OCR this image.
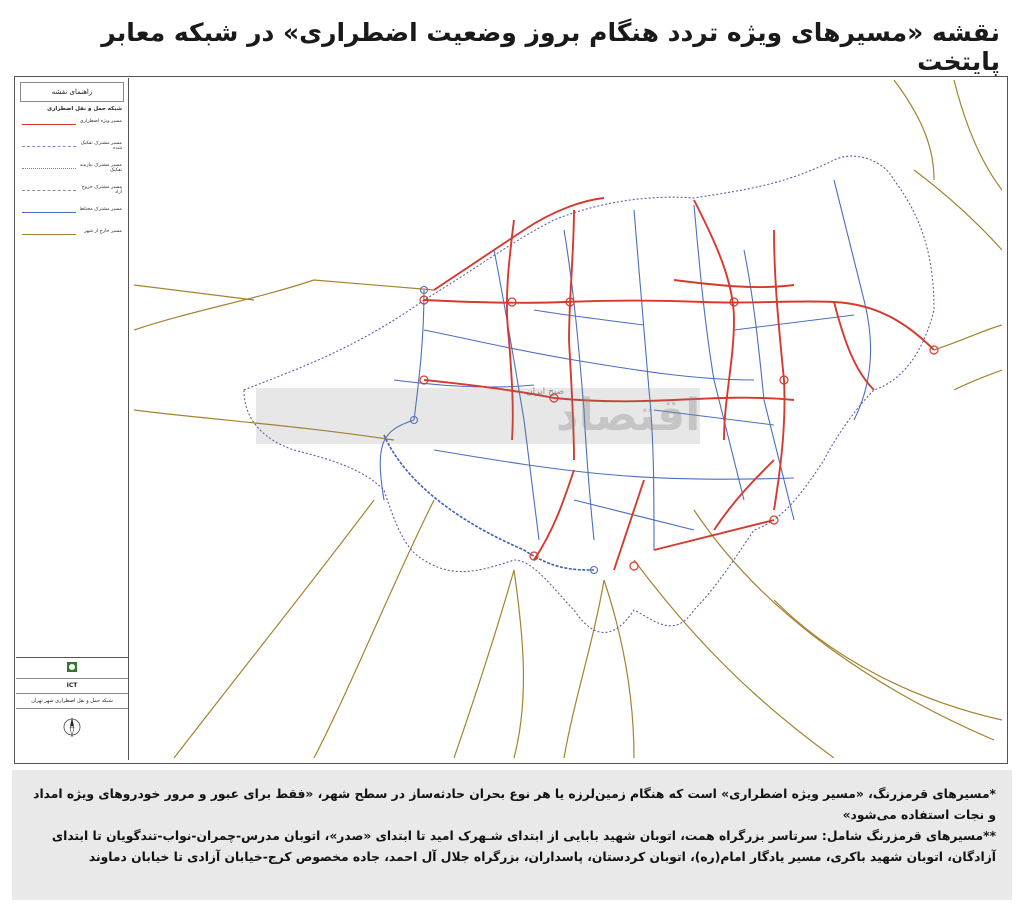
نقشه «مسیرهای ویژه تردد هنگام بروز وضعیت اضطراری» در شبکه معابر پایتخت
راهنمای نقشه
شبکه حمل و نقل اضطراری
مسیر ویژه اضطراری
مسیر مشترک تفکیک شده
مسیر مشترک نیازمند تفکیک
مسیر مشترک خروج آزاد
مسیر مشترک مختلط
مسیر خارج از شهر
ICT
شبکه حمل و نقل اضطراری شهر تهران
اقتصاد
صبح ایران

*مسیرهای قرمزرنگ، «مسیر ویژه اضطراری» است که هنگام زمین‌لرزه یا هر نوع بحران حادثه‌ساز در سطح شهر، «فقط برای عبور و مرور خودروهای ویژه امداد و نجات استفاده می‌شود»

**مسیرهای قرمزرنگ شامل: سرتاسر بزرگراه همت، اتوبان شهید بابایی از ابتدای شـهرک امید تا ابتدای «صدر»، اتوبان مدرس-چمران-نواب-تندگویان تا ابتدای آزادگان، اتوبان شهید باکری، مسیر یادگار امام(ره)، اتوبان کردستان، پاسداران، بزرگراه جلال آل احمد، جاده مخصوص کرج-خیابان آزادی تا خیابان دماوند
